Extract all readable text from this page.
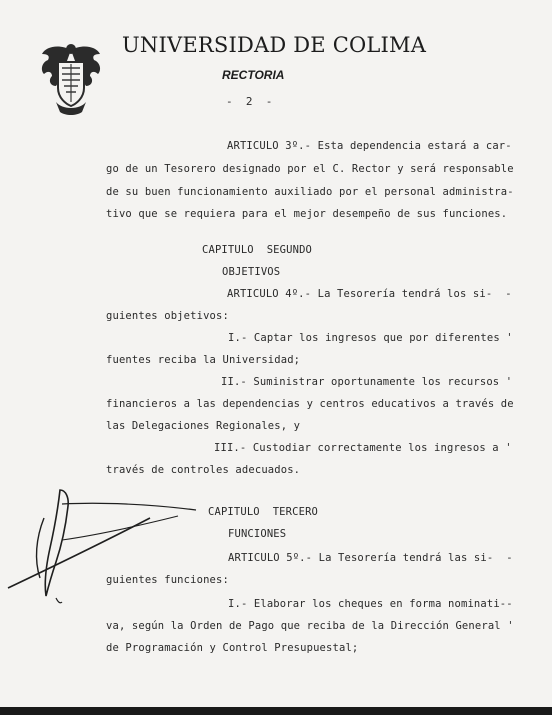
UNIVERSIDAD DE COLIMA
RECTORIA
-  2  -
ARTICULO 3º.- Esta dependencia estará a car-
go de un Tesorero designado por el C. Rector y será responsable
de su buen funcionamiento auxiliado por el personal administra-
tivo que se requiera para el mejor desempeño de sus funciones.
CAPITULO  SEGUNDO
OBJETIVOS
ARTICULO 4º.- La Tesorería tendrá los si-  -
guientes objetivos:
I.- Captar los ingresos que por diferentes '
fuentes reciba la Universidad;
II.- Suministrar oportunamente los recursos '
financieros a las dependencias y centros educativos a través de
las Delegaciones Regionales, y
III.- Custodiar correctamente los ingresos a '
través de controles adecuados.
CAPITULO  TERCERO
FUNCIONES
ARTICULO 5º.- La Tesorería tendrá las si-  -
guientes funciones:
I.- Elaborar los cheques en forma nominati--
va, según la Orden de Pago que reciba de la Dirección General '
de Programación y Control Presupuestal;
